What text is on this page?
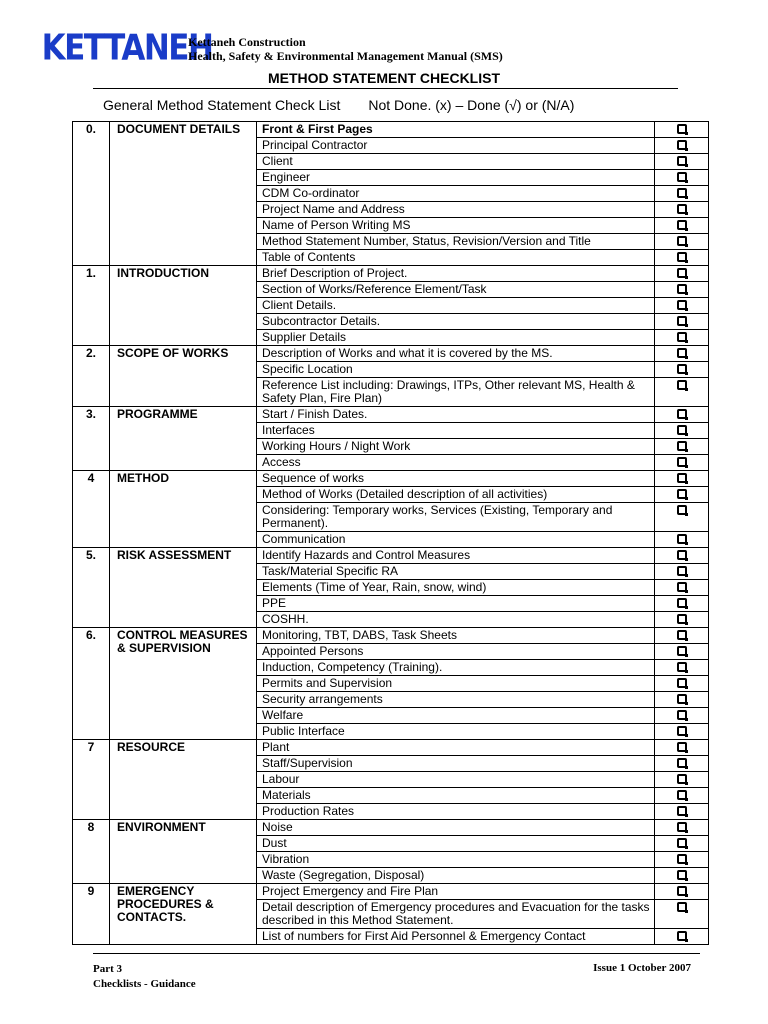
KETTANEH
Kettaneh Construction
Health, Safety & Environmental Management Manual (SMS)
METHOD STATEMENT CHECKLIST
General Method Statement Check List Not Done. (x) – Done (√) or (N/A)
0.	DOCUMENT DETAILS	Front & First Pages	
		Principal Contractor	
		Client	
		Engineer	
		CDM Co-ordinator	
		Project Name and Address	
		Name of Person Writing MS	
		Method Statement Number, Status, Revision/Version and Title	
		Table of Contents	
1.	INTRODUCTION	Brief Description of Project.	
		Section of Works/Reference Element/Task	
		Client Details.	
		Subcontractor Details.	
		Supplier Details	
2.	SCOPE OF WORKS	Description of Works and what it is covered by the MS.	
		Specific Location	
		Reference List including: Drawings, ITPs, Other relevant MS, Health & Safety Plan, Fire Plan)	
3.	PROGRAMME	Start / Finish Dates.	
		Interfaces	
		Working Hours / Night Work	
		Access	
4	METHOD	Sequence of works	
		Method of Works (Detailed description of all activities)	
		Considering: Temporary works, Services (Existing, Temporary and Permanent).	
		Communication	
5.	RISK ASSESSMENT	Identify Hazards and Control Measures	
		Task/Material Specific RA	
		Elements (Time of Year, Rain, snow, wind)	
		PPE	
		COSHH.	
6.	CONTROL MEASURES & SUPERVISION	Monitoring, TBT, DABS, Task Sheets	
		Appointed Persons	
		Induction, Competency (Training).	
		Permits and Supervision	
		Security arrangements	
		Welfare	
		Public Interface	
7	RESOURCE	Plant	
		Staff/Supervision	
		Labour	
		Materials	
		Production Rates	
8	ENVIRONMENT	Noise	
		Dust	
		Vibration	
		Waste (Segregation, Disposal)	
9	EMERGENCY PROCEDURES & CONTACTS.	Project Emergency and Fire Plan	
		Detail description of Emergency procedures and Evacuation for the tasks described in this Method Statement.	
		List of numbers for First Aid Personnel & Emergency Contact	
Part 3
Checklists - Guidance
Issue 1 October 2007
